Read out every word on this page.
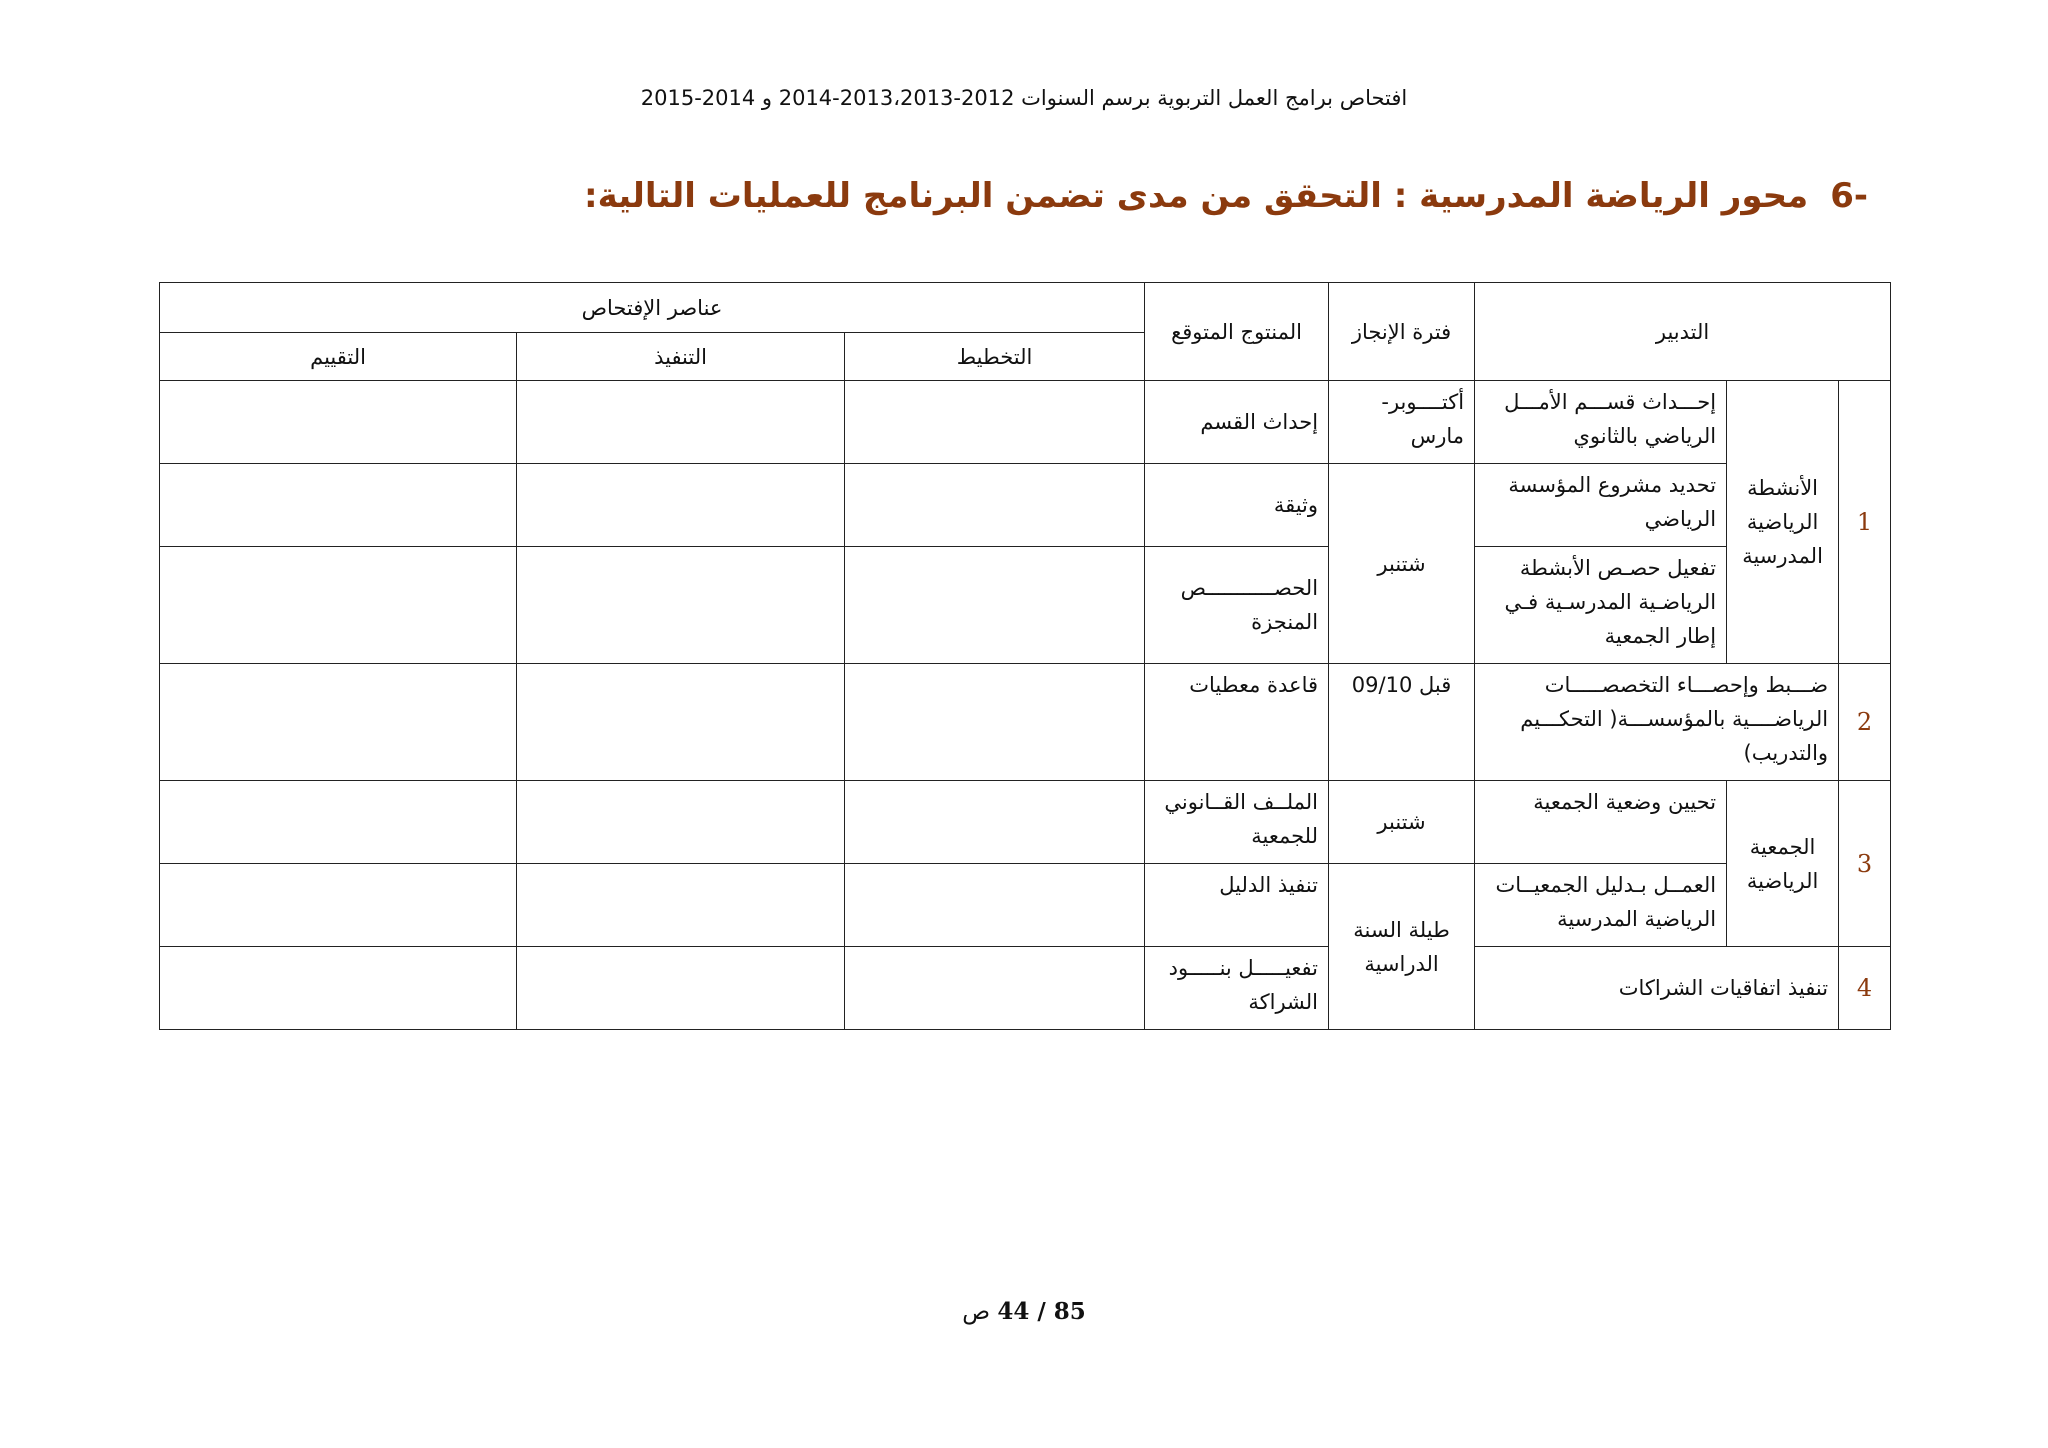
افتحاص برامج العمل التربوية برسم السنوات 2012-2013،2013-2014 و 2014-2015
-6محور الرياضة المدرسية : التحقق من مدى تضمن البرنامج للعمليات التالية:
التدبير			فترة الإنجاز	المنتوج المتوقع	عناصر الإفتحاص		
					التخطيط	التنفيذ	التقييم
1	الأنشطة الرياضية المدرسية	إحـــداث قســـم الأمـــل الرياضي بالثانوي	أكتــــوبر- مارس	إحداث القسم			
		تحديد مشروع المؤسسة الرياضي	شتنبر	وثيقة			
		تفعيل حصـص الأبشطة الرياضـية المدرسـية فـي إطار الجمعية		الحصـــــــــــص المنجزة			
2	ضـــبط وإحصـــاء التخصصـــــات الرياضــــية بالمؤسســـة( التحكـــيم والتدريب)		قبل 09/10	قاعدة معطيات			
3	الجمعية الرياضية	تحيين وضعية الجمعية	شتنبر	الملــف القــانوني للجمعية			
		العمــل بـدليل الجمعيــات الرياضية المدرسية	طيلة السنة الدراسية	تنفيذ الدليل			
4	تنفيذ اتفاقيات الشراكات			تفعيـــــل بنـــــود الشراكة			
85 / 44 ص
